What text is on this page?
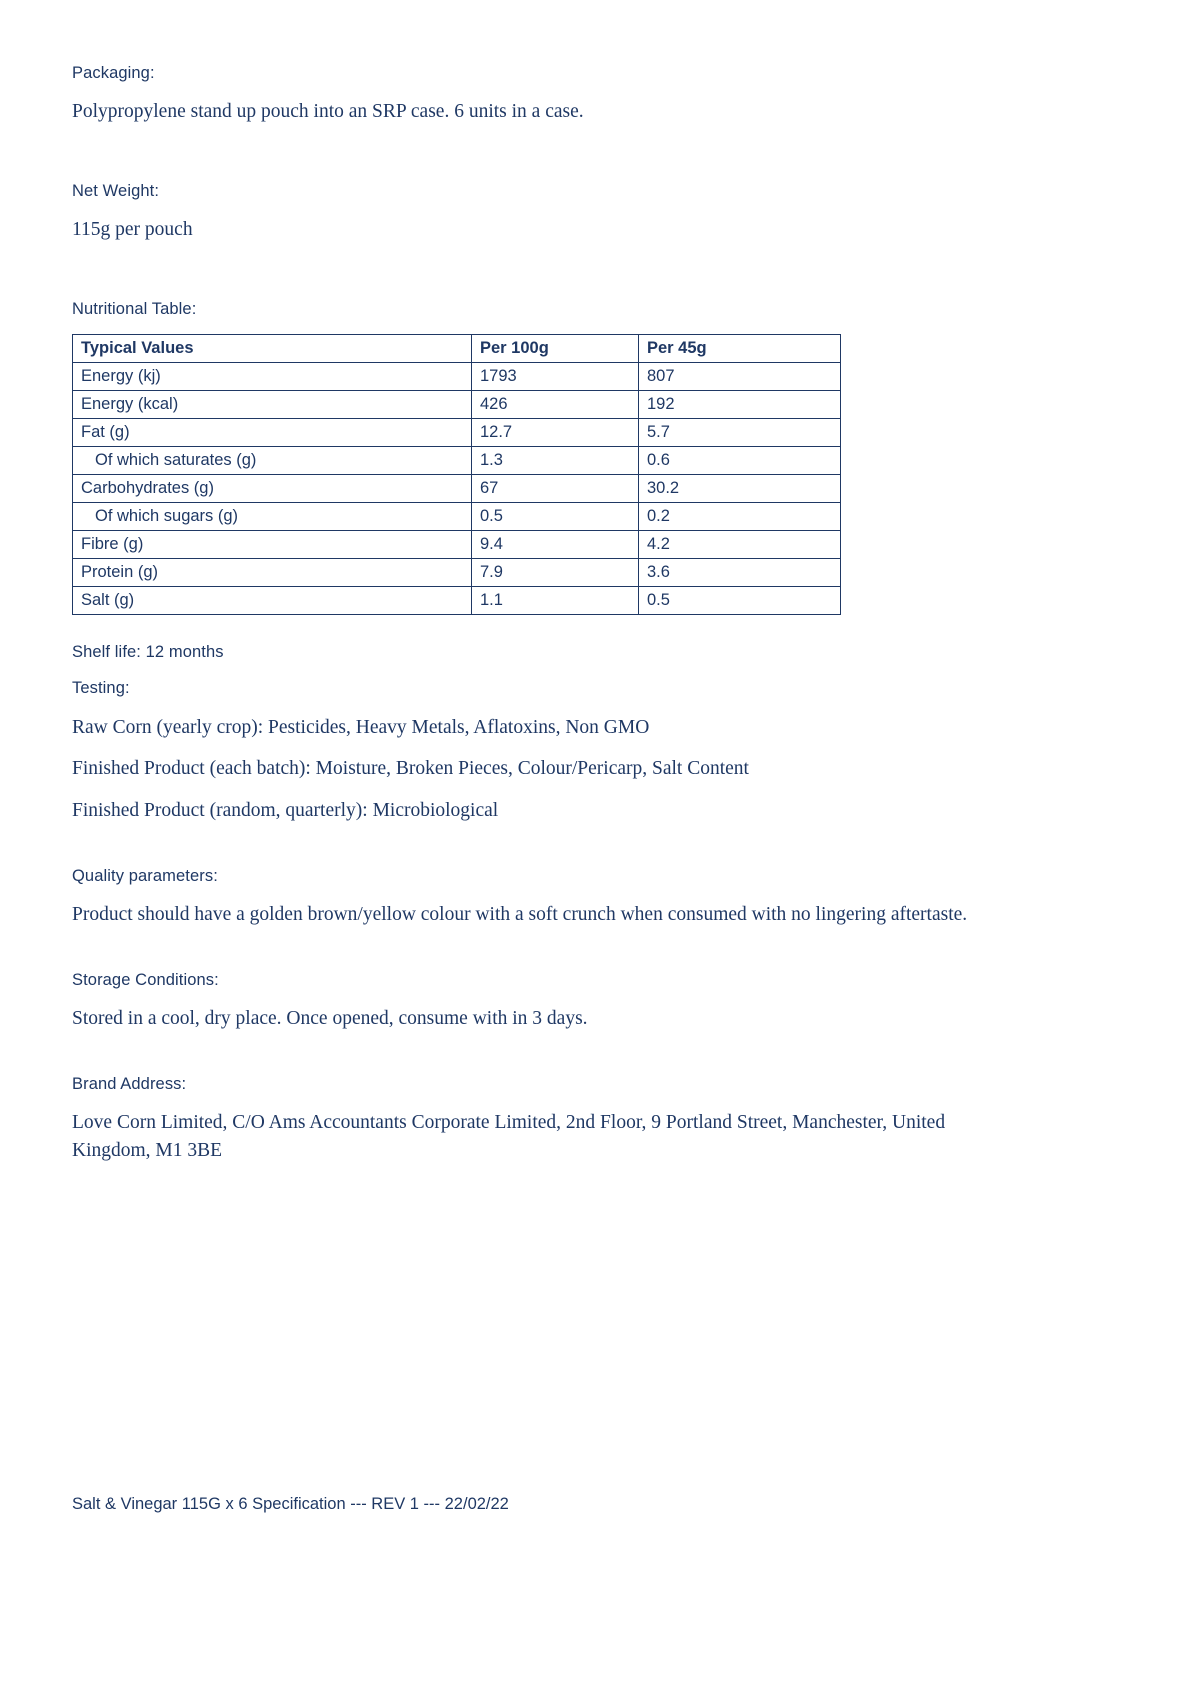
Packaging:

Polypropylene stand up pouch into an SRP case. 6 units in a case.

Net Weight:

115g per pouch

Nutritional Table:

Typical Values	Per 100g	Per 45g
Energy (kj)	1793	807
Energy (kcal)	426	192
Fat (g)	12.7	5.7
Of which saturates (g)	1.3	0.6
Carbohydrates (g)	67	30.2
Of which sugars (g)	0.5	0.2
Fibre (g)	9.4	4.2
Protein (g)	7.9	3.6
Salt (g)	1.1	0.5

Shelf life: 12 months

Testing:

Raw Corn (yearly crop): Pesticides, Heavy Metals, Aflatoxins, Non GMO

Finished Product (each batch): Moisture, Broken Pieces, Colour/Pericarp, Salt Content

Finished Product (random, quarterly): Microbiological

Quality parameters:

Product should have a golden brown/yellow colour with a soft crunch when consumed with no lingering aftertaste.

Storage Conditions:

Stored in a cool, dry place. Once opened, consume with in 3 days.

Brand Address:

Love Corn Limited, C/O Ams Accountants Corporate Limited, 2nd Floor, 9 Portland Street, Manchester, United Kingdom, M1 3BE

Salt & Vinegar 115G x 6 Specification --- REV 1 --- 22/02/22
